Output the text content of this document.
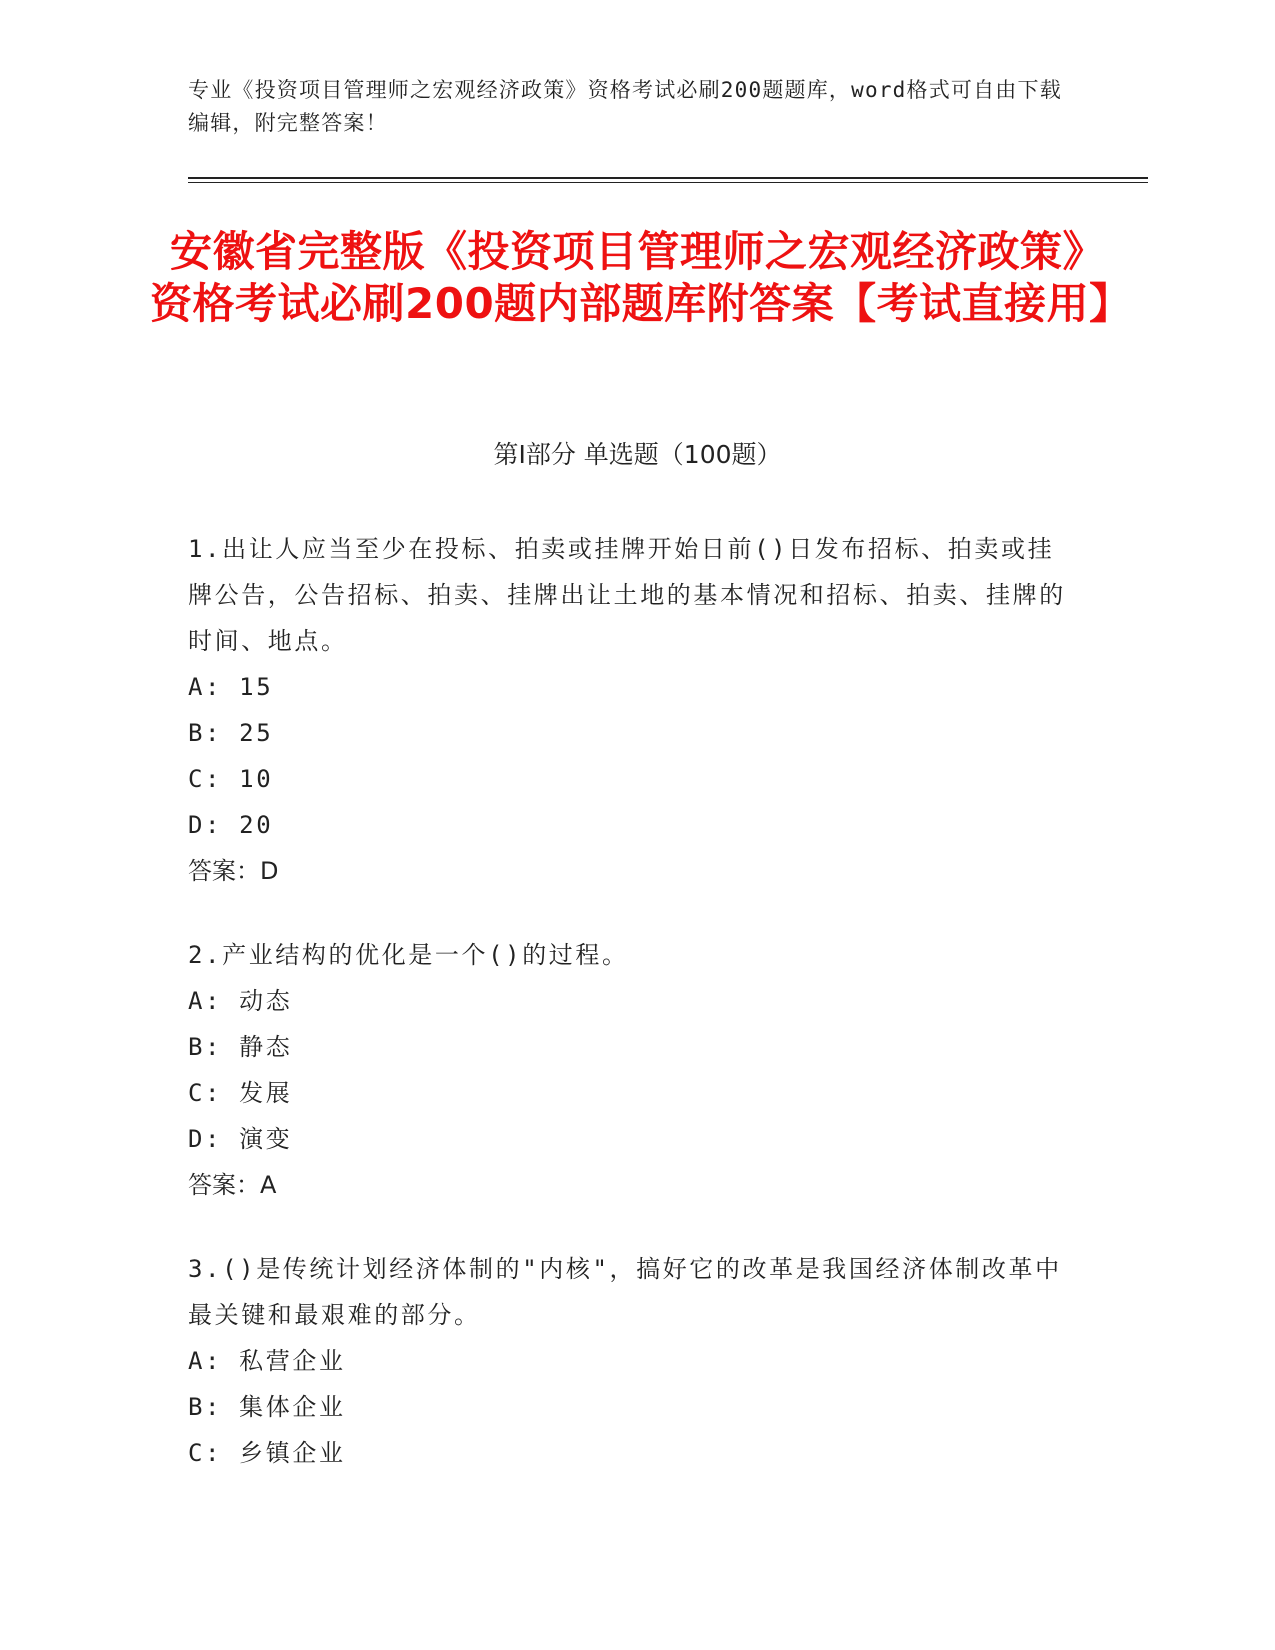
专业《投资项目管理师之宏观经济政策》资格考试必刷200题题库，word格式可自由下载编辑，附完整答案！
安徽省完整版《投资项目管理师之宏观经济政策》资格考试必刷200题内部题库附答案【考试直接用】
第I部分 单选题（100题）
1.出让人应当至少在投标、拍卖或挂牌开始日前()日发布招标、拍卖或挂牌公告，公告招标、拍卖、挂牌出让土地的基本情况和招标、拍卖、挂牌的时间、地点。
A: 15
B: 25
C: 10
D: 20
答案：D
2.产业结构的优化是一个()的过程。
A: 动态
B: 静态
C: 发展
D: 演变
答案：A
3.()是传统计划经济体制的"内核"，搞好它的改革是我国经济体制改革中最关键和最艰难的部分。
A: 私营企业
B: 集体企业
C: 乡镇企业
